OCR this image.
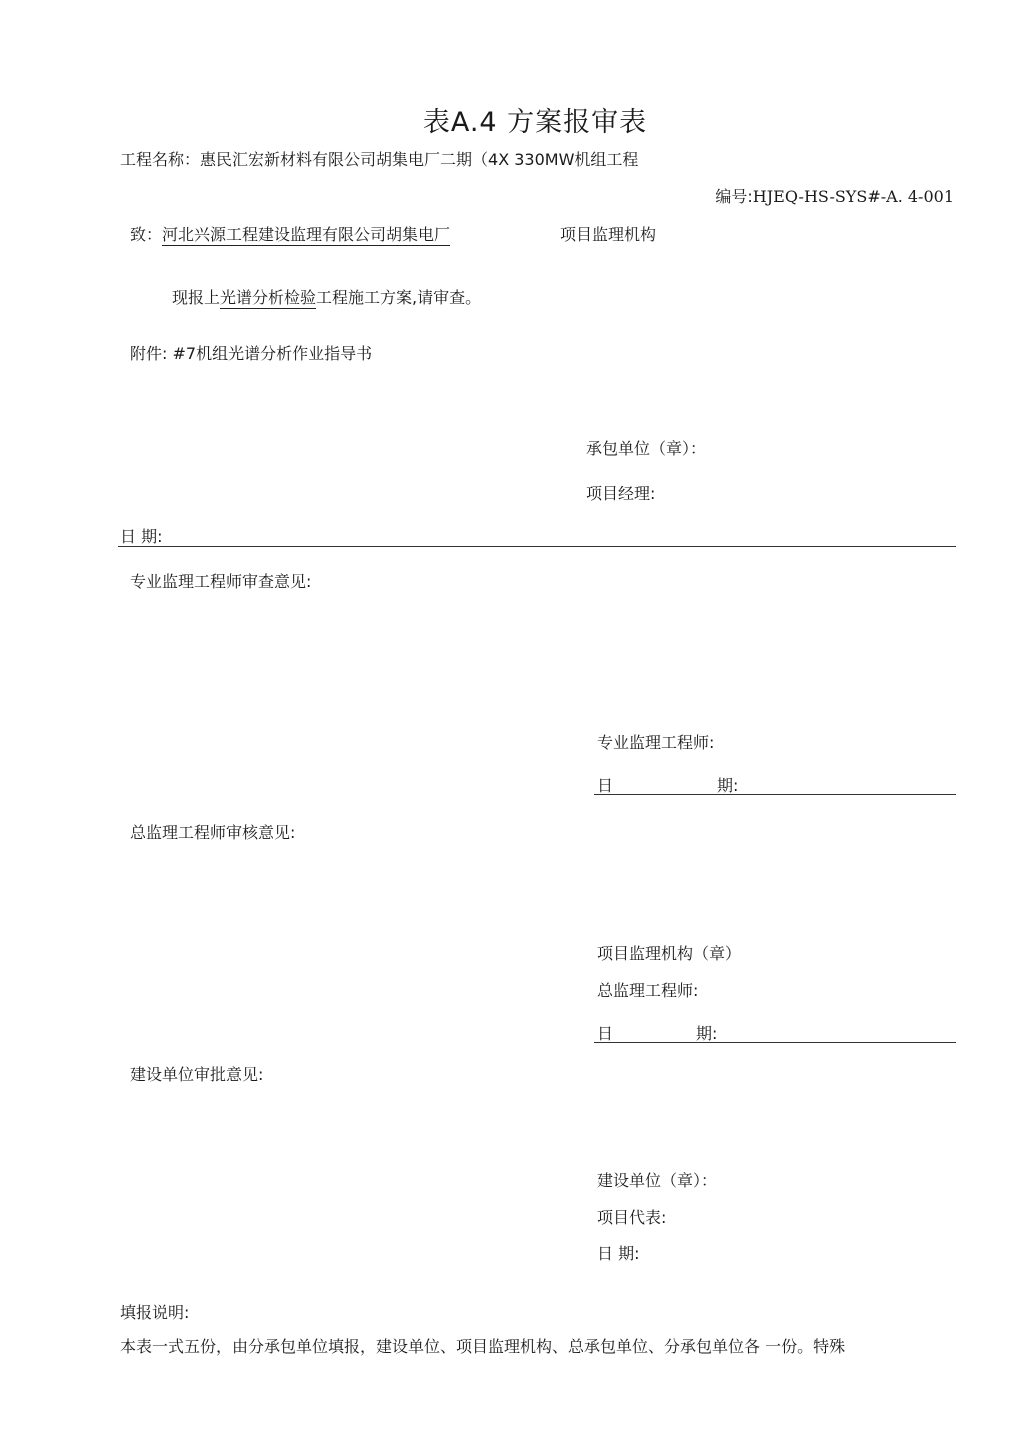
表A.4 方案报审表
工程名称：惠民汇宏新材料有限公司胡集电厂二期（4X 330MW机组工程
编号:HJEQ-HS-SYS#-A. 4-001
致：河北兴源工程建设监理有限公司胡集电厂	项目监理机构
现报上光谱分析检验工程施工方案,请审查。
附件: #7机组光谱分析作业指导书
承包单位（章）：
项目经理:
日 期:
专业监理工程师审查意见:
专业监理工程师:
日	期:
总监理工程师审核意见:
项目监理机构（章）
总监理工程师:
日	期:
建设单位审批意见:
建设单位（章）：
项目代表:
日 期:
填报说明:
本表一式五份，由分承包单位填报，建设单位、项目监理机构、总承包单位、分承包单位各 一份。特殊
